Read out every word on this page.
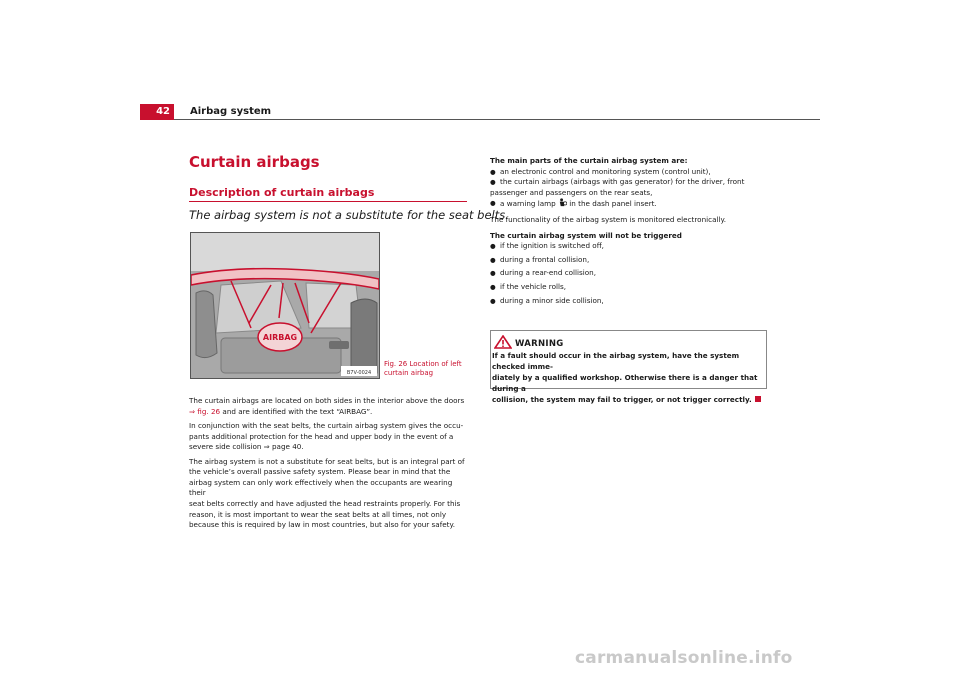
42	Airbag system
Curtain airbags
Description of curtain airbags
The airbag system is not a substitute for the seat belts.
AIRBAG
B7V-0024
Fig. 26 Location of left
curtain airbag

The curtain airbags are located on both sides in the interior above the doors
⇒ fig. 26 and are identified with the text “AIRBAG”.

In conjunction with the seat belts, the curtain airbag system gives the occu-
pants additional protection for the head and upper body in the event of a
severe side collision ⇒ page 40.

The airbag system is not a substitute for seat belts, but is an integral part of
the vehicle’s overall passive safety system. Please bear in mind that the
airbag system can only work effectively when the occupants are wearing their
seat belts correctly and have adjusted the head restraints properly. For this
reason, it is most important to wear the seat belts at all times, not only
because this is required by law in most countries, but also for your safety.

The main parts of the curtain airbag system are:
● an electronic control and monitoring system (control unit),
● the curtain airbags (airbags with gas generator) for the driver, front
passenger and passengers on the rear seats,
● a warning lamp  in the dash panel insert.
The functionality of the airbag system is monitored electronically.
The curtain airbag system will not be triggered
● if the ignition is switched off,
● during a frontal collision,
● during a rear-end collision,
● if the vehicle rolls,
● during a minor side collision,
WARNING
If a fault should occur in the airbag system, have the system checked imme-
diately by a qualified workshop. Otherwise there is a danger that during a
collision, the system may fail to trigger, or not trigger correctly.
carmanualsonline.info
